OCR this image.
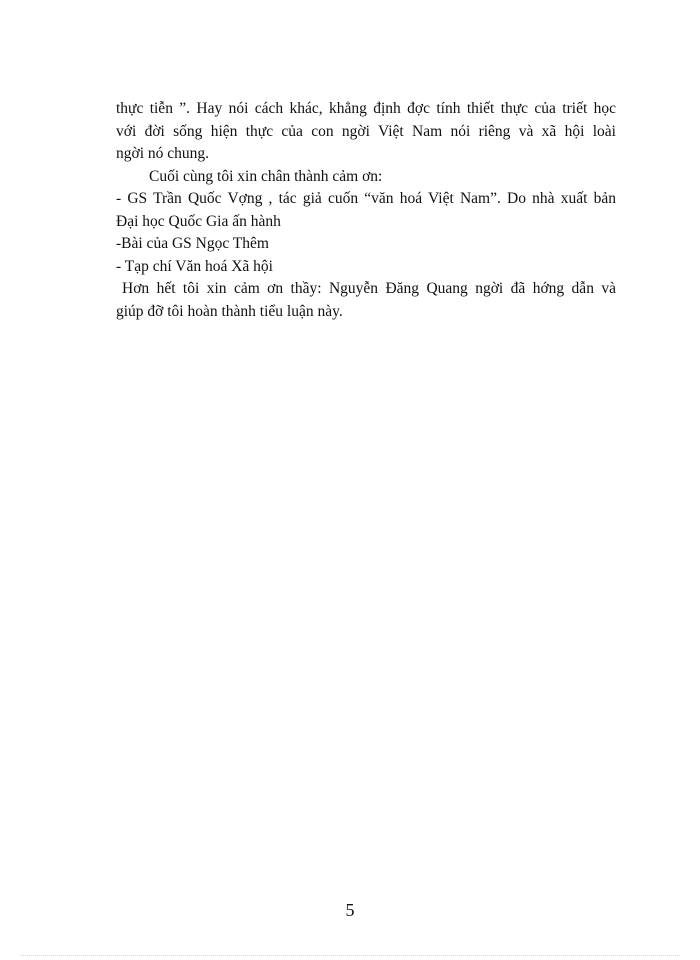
thực tiễn ”. Hay nói cách khác, khẳng định đợc tính thiết thực của triết học
với đời sống hiện thực của con ngời Việt Nam nói riêng và xã hội loài
ngời nó chung.
Cuối cùng tôi xin chân thành cảm ơn:
- GS Trần Quốc Vợng , tác giả cuốn “văn hoá Việt Nam”. Do nhà xuất bản
Đại học Quốc Gia ấn hành
-Bài của GS Ngọc Thêm
- Tạp chí Văn hoá Xã hội
Hơn hết tôi xin cảm ơn thầy: Nguyễn Đăng Quang ngời đã hớng dẫn và
giúp đỡ tôi hoàn thành tiểu luận này.
5
